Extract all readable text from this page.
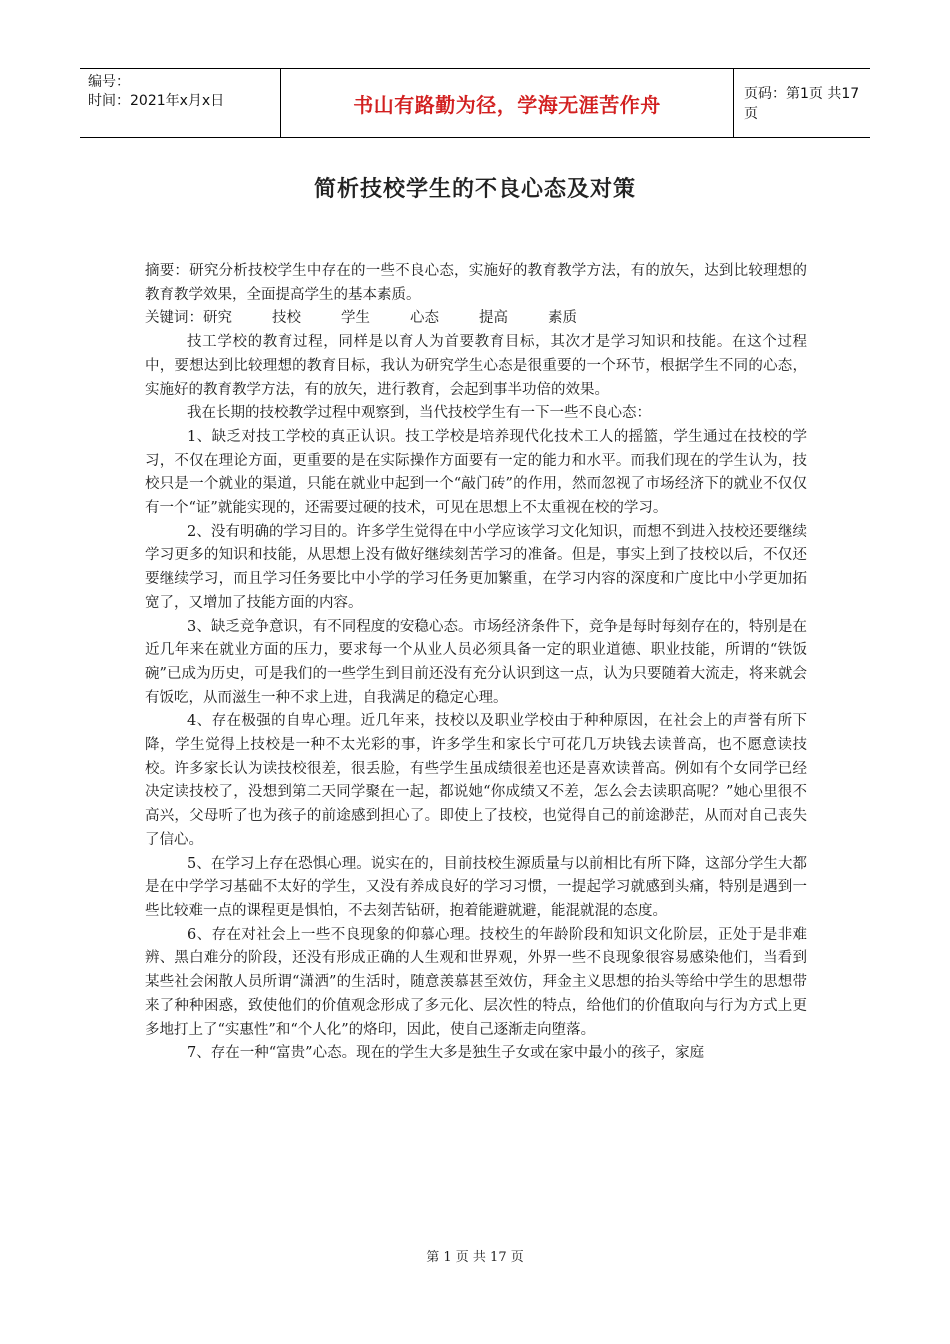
编号：
时间：2021年x月x日	书山有路勤为径，学海无涯苦作舟	页码：第1页 共17页
简析技校学生的不良心态及对策

摘要：研究分析技校学生中存在的一些不良心态，实施好的教育教学方法，有的放矢，达到比较理想的教育教学效果，全面提高学生的基本素质。

关键词： 研究	技校	学生	心态	提高	素质

技工学校的教育过程，同样是以育人为首要教育目标，其次才是学习知识和技能。在这个过程中，要想达到比较理想的教育目标，我认为研究学生心态是很重要的一个环节，根据学生不同的心态，实施好的教育教学方法，有的放矢，进行教育，会起到事半功倍的效果。

我在长期的技校教学过程中观察到，当代技校学生有一下一些不良心态：

1、缺乏对技工学校的真正认识。技工学校是培养现代化技术工人的摇篮，学生通过在技校的学习，不仅在理论方面，更重要的是在实际操作方面要有一定的能力和水平。而我们现在的学生认为，技校只是一个就业的渠道，只能在就业中起到一个“敲门砖”的作用，然而忽视了市场经济下的就业不仅仅有一个“证”就能实现的，还需要过硬的技术，可见在思想上不太重视在校的学习。

2、没有明确的学习目的。许多学生觉得在中小学应该学习文化知识，而想不到进入技校还要继续学习更多的知识和技能，从思想上没有做好继续刻苦学习的准备。但是，事实上到了技校以后，不仅还要继续学习，而且学习任务要比中小学的学习任务更加繁重，在学习内容的深度和广度比中小学更加拓宽了，又增加了技能方面的内容。

3、缺乏竞争意识，有不同程度的安稳心态。市场经济条件下，竞争是每时每刻存在的，特别是在近几年来在就业方面的压力，要求每一个从业人员必须具备一定的职业道德、职业技能，所谓的“铁饭碗”已成为历史，可是我们的一些学生到目前还没有充分认识到这一点，认为只要随着大流走，将来就会有饭吃，从而滋生一种不求上进，自我满足的稳定心理。

4、存在极强的自卑心理。近几年来，技校以及职业学校由于种种原因，在社会上的声誉有所下降，学生觉得上技校是一种不太光彩的事，许多学生和家长宁可花几万块钱去读普高，也不愿意读技校。许多家长认为读技校很差，很丢脸，有些学生虽成绩很差也还是喜欢读普高。例如有个女同学已经决定读技校了，没想到第二天同学聚在一起，都说她“你成绩又不差，怎么会去读职高呢？”她心里很不高兴，父母听了也为孩子的前途感到担心了。即使上了技校，也觉得自己的前途渺茫，从而对自己丧失了信心。

5、在学习上存在恐惧心理。说实在的，目前技校生源质量与以前相比有所下降，这部分学生大都是在中学学习基础不太好的学生，又没有养成良好的学习习惯，一提起学习就感到头痛，特别是遇到一些比较难一点的课程更是惧怕，不去刻苦钻研，抱着能避就避，能混就混的态度。

6、存在对社会上一些不良现象的仰慕心理。技校生的年龄阶段和知识文化阶层，正处于是非难辨、黑白难分的阶段，还没有形成正确的人生观和世界观，外界一些不良现象很容易感染他们，当看到某些社会闲散人员所谓“潇洒”的生活时，随意羡慕甚至效仿，拜金主义思想的抬头等给中学生的思想带来了种种困惑，致使他们的价值观念形成了多元化、层次性的特点，给他们的价值取向与行为方式上更多地打上了“实惠性”和“个人化”的烙印，因此，使自己逐渐走向堕落。

7、存在一种“富贵”心态。现在的学生大多是独生子女或在家中最小的孩子，家庭

第 1 页 共 17 页
